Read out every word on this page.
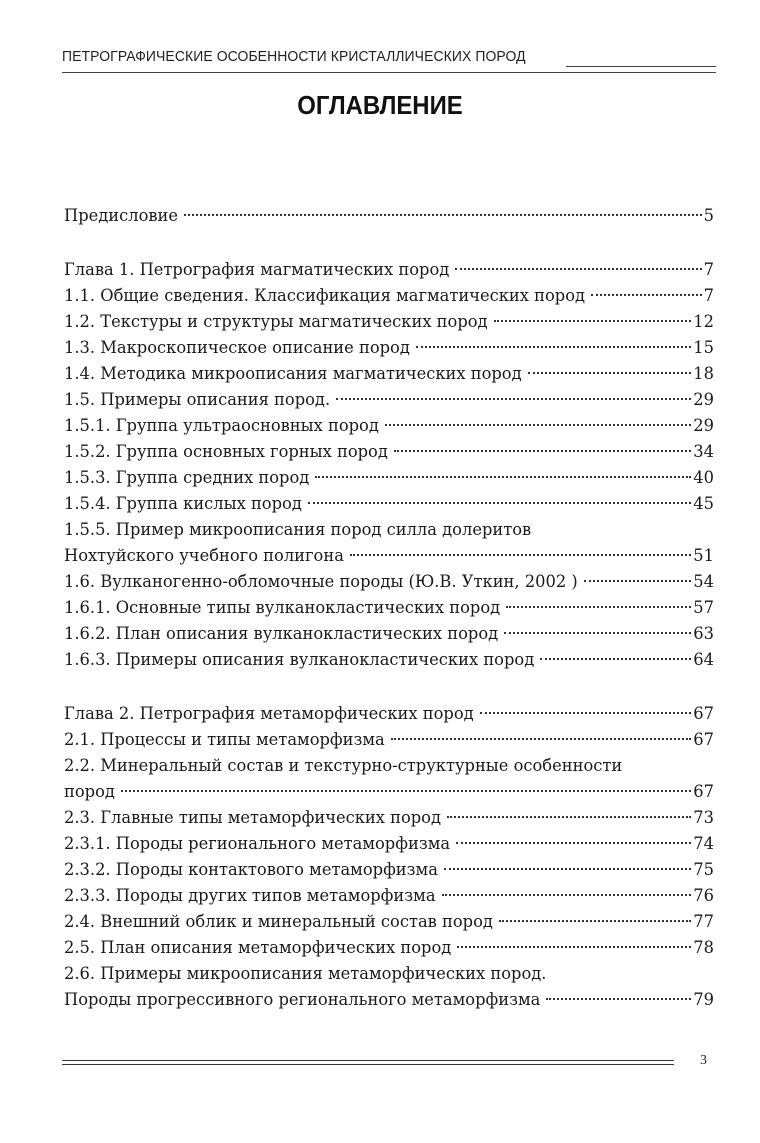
ПЕТРОГРАФИЧЕСКИЕ ОСОБЕННОСТИ КРИСТАЛЛИЧЕСКИХ ПОРОД
ОГЛАВЛЕНИЕ
Предисловие	5
Глава 1. Петрография магматических пород	7
1.1. Общие сведения. Классификация магматических пород	7
1.2. Текстуры и структуры магматических пород	12
1.3. Макроскопическое описание пород	15
1.4. Методика микроописания магматических пород	18
1.5. Примеры описания пород.	29
1.5.1. Группа ультраосновных пород	29
1.5.2. Группа основных горных пород	34
1.5.3. Группа средних пород	40
1.5.4. Группа кислых пород	45
1.5.5. Пример микроописания пород силла долеритов
Нохтуйского учебного полигона	51
1.6. Вулканогенно-обломочные породы (Ю.В. Уткин, 2002 )	54
1.6.1. Основные типы вулканокластических пород	57
1.6.2. План описания вулканокластических пород	63
1.6.3. Примеры описания вулканокластических пород	64
Глава 2. Петрография метаморфических пород	67
2.1. Процессы и типы метаморфизма	67
2.2. Минеральный состав и текстурно-структурные особенности
пород	67
2.3. Главные типы метаморфических пород	73
2.3.1. Породы регионального метаморфизма	74
2.3.2. Породы контактового метаморфизма	75
2.3.3. Породы других типов метаморфизма	76
2.4. Внешний облик и минеральный состав пород	77
2.5. План описания метаморфических пород	78
2.6. Примеры микроописания метаморфических пород.
Породы прогрессивного регионального метаморфизма	79
3
